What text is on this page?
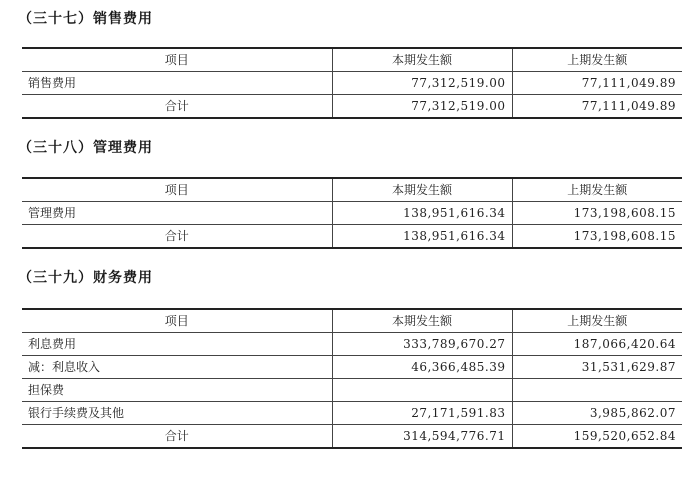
（三十七）销售费用
项目	本期发生额	上期发生额
销售费用	77,312,519.00	77,111,049.89
合计	77,312,519.00	77,111,049.89
（三十八）管理费用
项目	本期发生额	上期发生额
管理费用	138,951,616.34	173,198,608.15
合计	138,951,616.34	173,198,608.15
（三十九）财务费用
项目	本期发生额	上期发生额
利息费用	333,789,670.27	187,066,420.64
减：利息收入	46,366,485.39	31,531,629.87
担保费		
银行手续费及其他	27,171,591.83	3,985,862.07
合计	314,594,776.71	159,520,652.84
